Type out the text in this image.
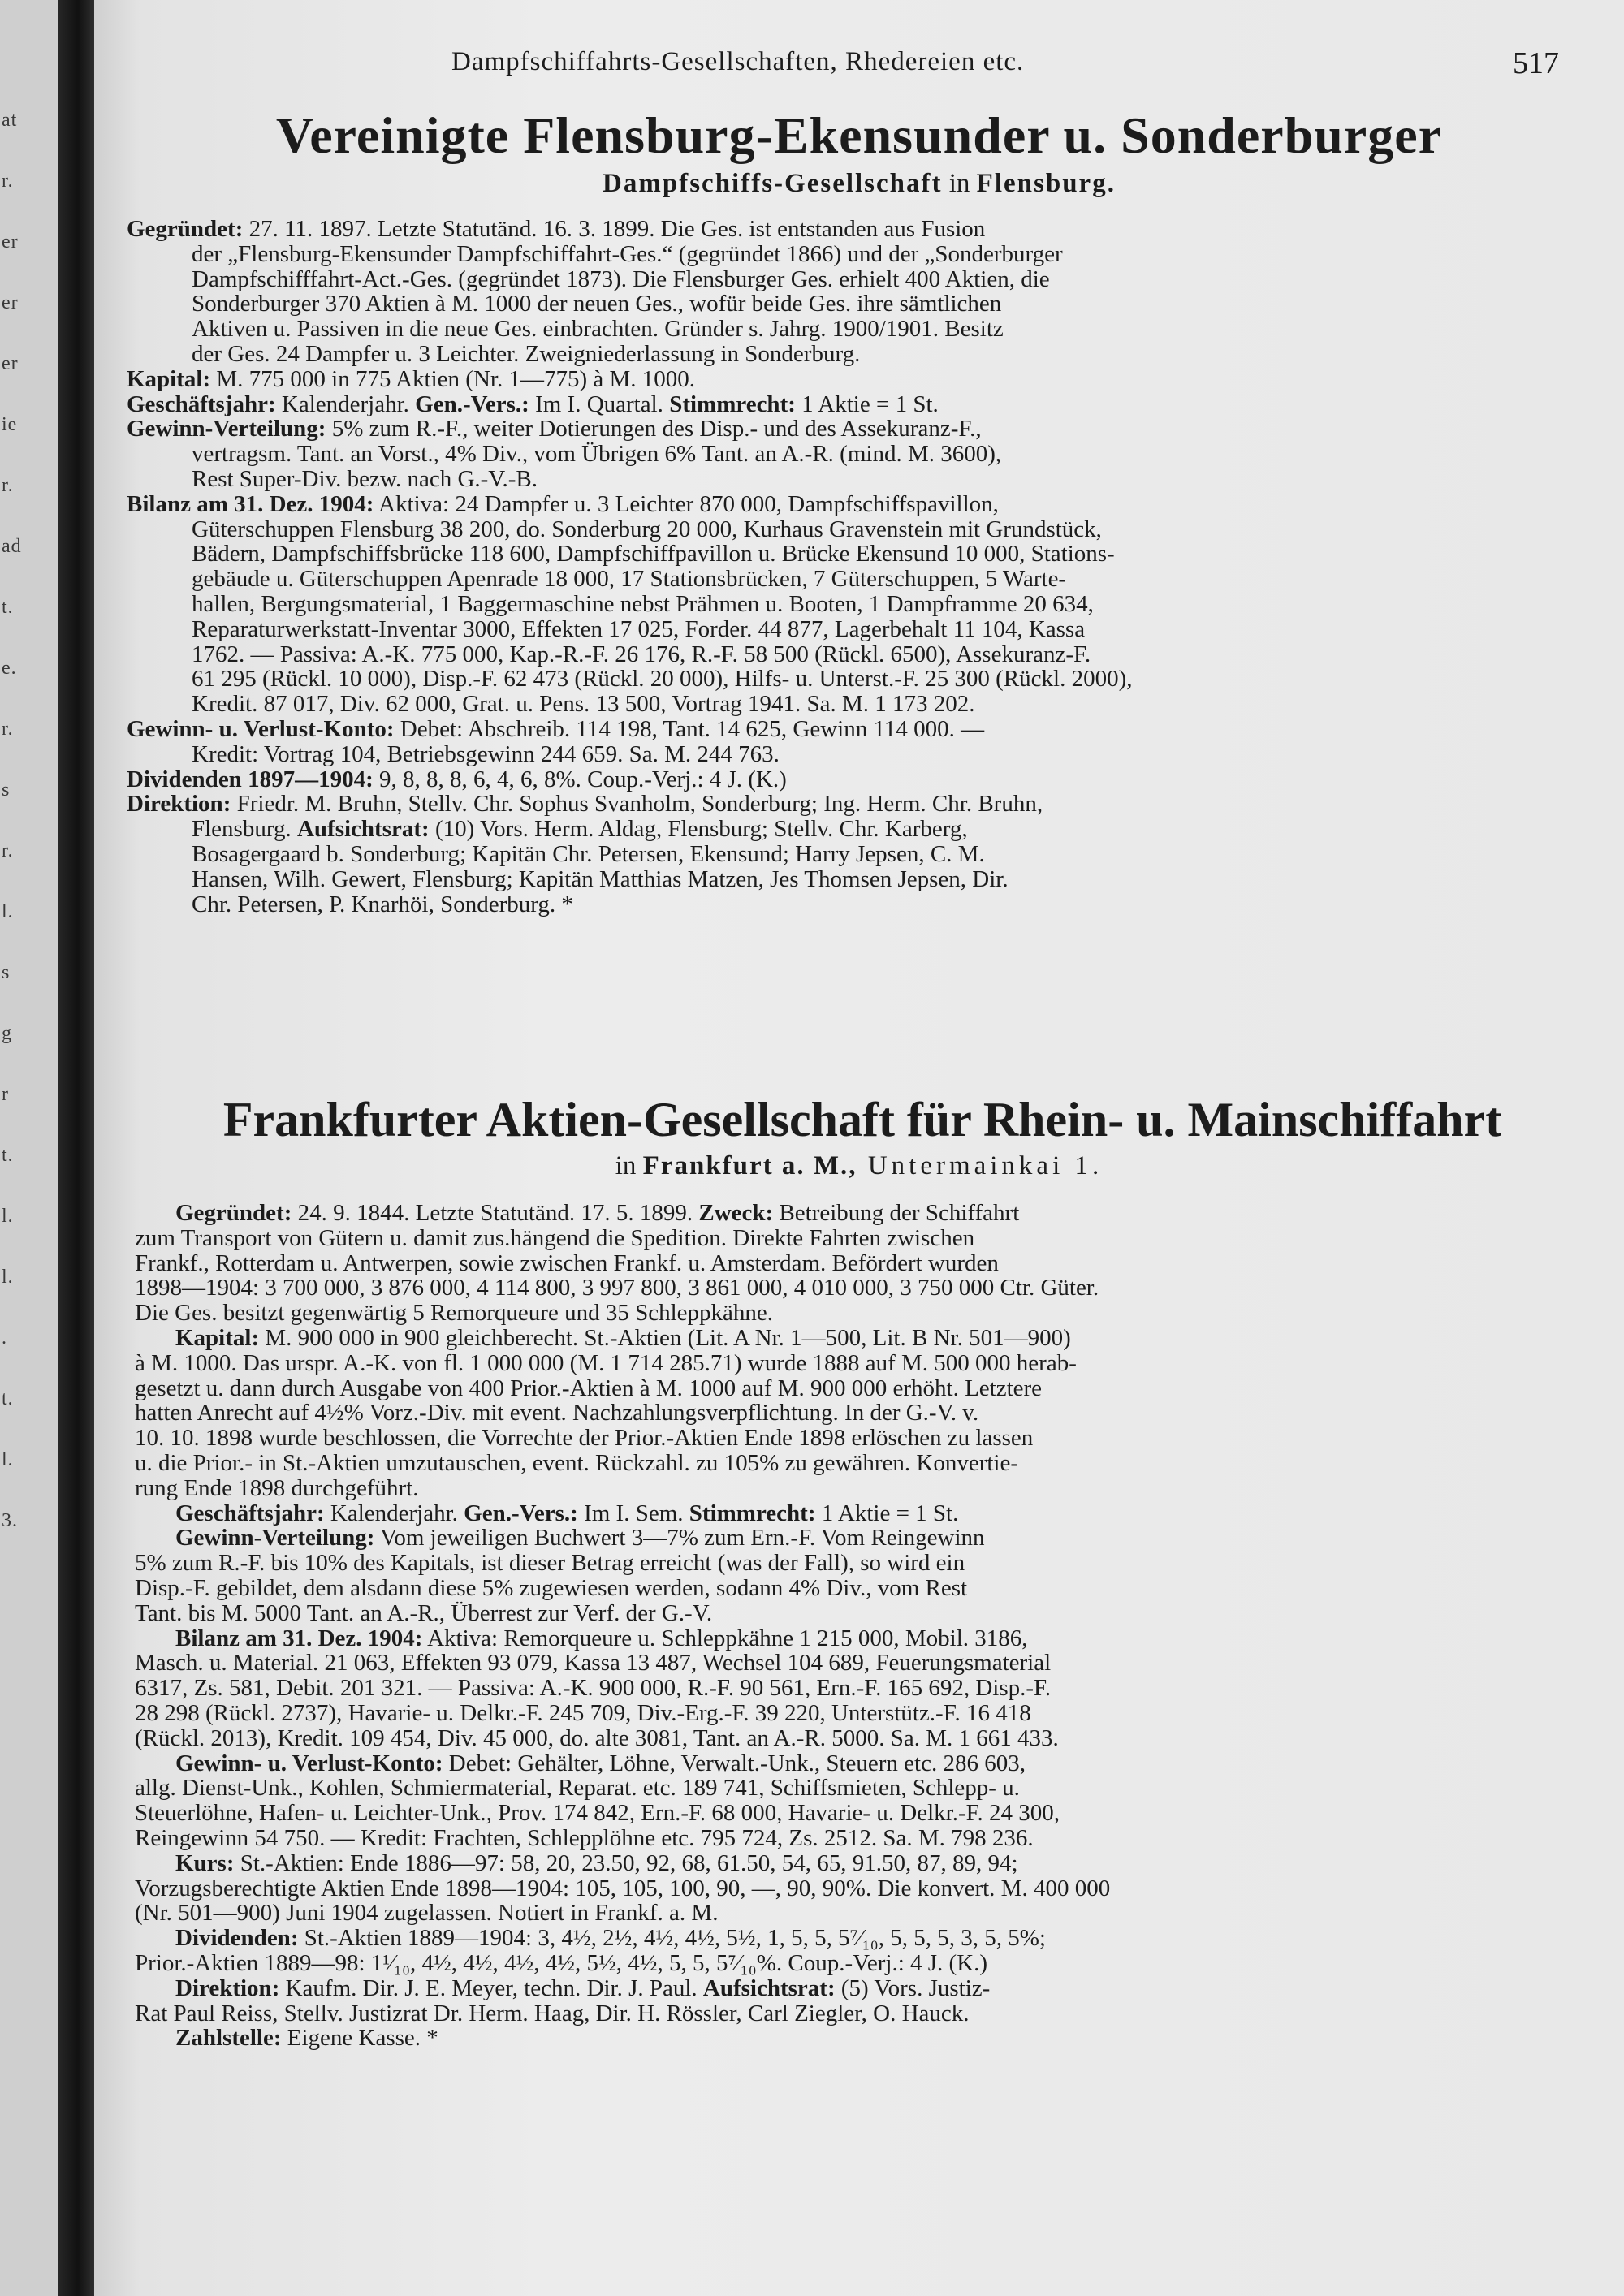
at
r.
er
er
er
ie
r.
ad
t.
e.
r.
s
r.
l.
s
g
r
t.
l.
l.
.
t.
l.
3.
Dampfschiffahrts-Gesellschaften, Rhedereien etc.	517
Vereinigte Flensburg-Ekensunder u. Sonderburger
Dampfschiffs-Gesellschaft in Flensburg.
Gegründet: 27. 11. 1897. Letzte Statutänd. 16. 3. 1899. Die Ges. ist entstanden aus Fusion
der „Flensburg-Ekensunder Dampfschiffahrt-Ges.“ (gegründet 1866) und der „Sonderburger
Dampfschifffahrt-Act.-Ges. (gegründet 1873). Die Flensburger Ges. erhielt 400 Aktien, die
Sonderburger 370 Aktien à M. 1000 der neuen Ges., wofür beide Ges. ihre sämtlichen
Aktiven u. Passiven in die neue Ges. einbrachten. Gründer s. Jahrg. 1900/1901. Besitz
der Ges. 24 Dampfer u. 3 Leichter. Zweigniederlassung in Sonderburg.
Kapital: M. 775 000 in 775 Aktien (Nr. 1—775) à M. 1000.
Geschäftsjahr: Kalenderjahr. Gen.-Vers.: Im I. Quartal. Stimmrecht: 1 Aktie = 1 St.
Gewinn-Verteilung: 5% zum R.-F., weiter Dotierungen des Disp.- und des Assekuranz-F.,
vertragsm. Tant. an Vorst., 4% Div., vom Übrigen 6% Tant. an A.-R. (mind. M. 3600),
Rest Super-Div. bezw. nach G.-V.-B.
Bilanz am 31. Dez. 1904: Aktiva: 24 Dampfer u. 3 Leichter 870 000, Dampfschiffspavillon,
Güterschuppen Flensburg 38 200, do. Sonderburg 20 000, Kurhaus Gravenstein mit Grundstück,
Bädern, Dampfschiffsbrücke 118 600, Dampfschiffpavillon u. Brücke Ekensund 10 000, Stations-
gebäude u. Güterschuppen Apenrade 18 000, 17 Stationsbrücken, 7 Güterschuppen, 5 Warte-
hallen, Bergungsmaterial, 1 Baggermaschine nebst Prähmen u. Booten, 1 Dampframme 20 634,
Reparaturwerkstatt-Inventar 3000, Effekten 17 025, Forder. 44 877, Lagerbehalt 11 104, Kassa
1762. — Passiva: A.-K. 775 000, Kap.-R.-F. 26 176, R.-F. 58 500 (Rückl. 6500), Assekuranz-F.
61 295 (Rückl. 10 000), Disp.-F. 62 473 (Rückl. 20 000), Hilfs- u. Unterst.-F. 25 300 (Rückl. 2000),
Kredit. 87 017, Div. 62 000, Grat. u. Pens. 13 500, Vortrag 1941. Sa. M. 1 173 202.
Gewinn- u. Verlust-Konto: Debet: Abschreib. 114 198, Tant. 14 625, Gewinn 114 000. —
Kredit: Vortrag 104, Betriebsgewinn 244 659. Sa. M. 244 763.
Dividenden 1897—1904: 9, 8, 8, 8, 6, 4, 6, 8%. Coup.-Verj.: 4 J. (K.)
Direktion: Friedr. M. Bruhn, Stellv. Chr. Sophus Svanholm, Sonderburg; Ing. Herm. Chr. Bruhn,
Flensburg. Aufsichtsrat: (10) Vors. Herm. Aldag, Flensburg; Stellv. Chr. Karberg,
Bosagergaard b. Sonderburg; Kapitän Chr. Petersen, Ekensund; Harry Jepsen, C. M.
Hansen, Wilh. Gewert, Flensburg; Kapitän Matthias Matzen, Jes Thomsen Jepsen, Dir.
Chr. Petersen, P. Knarhöi, Sonderburg. *
Frankfurter Aktien-Gesellschaft für Rhein- u. Mainschiffahrt
in Frankfurt a. M., Untermainkai 1.
Gegründet: 24. 9. 1844. Letzte Statutänd. 17. 5. 1899. Zweck: Betreibung der Schiffahrt
zum Transport von Gütern u. damit zus.hängend die Spedition. Direkte Fahrten zwischen
Frankf., Rotterdam u. Antwerpen, sowie zwischen Frankf. u. Amsterdam. Befördert wurden
1898—1904: 3 700 000, 3 876 000, 4 114 800, 3 997 800, 3 861 000, 4 010 000, 3 750 000 Ctr. Güter.
Die Ges. besitzt gegenwärtig 5 Remorqueure und 35 Schleppkähne.
Kapital: M. 900 000 in 900 gleichberecht. St.-Aktien (Lit. A Nr. 1—500, Lit. B Nr. 501—900)
à M. 1000. Das urspr. A.-K. von fl. 1 000 000 (M. 1 714 285.71) wurde 1888 auf M. 500 000 herab-
gesetzt u. dann durch Ausgabe von 400 Prior.-Aktien à M. 1000 auf M. 900 000 erhöht. Letztere
hatten Anrecht auf 4½% Vorz.-Div. mit event. Nachzahlungsverpflichtung. In der G.-V. v.
10. 10. 1898 wurde beschlossen, die Vorrechte der Prior.-Aktien Ende 1898 erlöschen zu lassen
u. die Prior.- in St.-Aktien umzutauschen, event. Rückzahl. zu 105% zu gewähren. Konvertie-
rung Ende 1898 durchgeführt.
Geschäftsjahr: Kalenderjahr. Gen.-Vers.: Im I. Sem. Stimmrecht: 1 Aktie = 1 St.
Gewinn-Verteilung: Vom jeweiligen Buchwert 3—7% zum Ern.-F. Vom Reingewinn
5% zum R.-F. bis 10% des Kapitals, ist dieser Betrag erreicht (was der Fall), so wird ein
Disp.-F. gebildet, dem alsdann diese 5% zugewiesen werden, sodann 4% Div., vom Rest
Tant. bis M. 5000 Tant. an A.-R., Überrest zur Verf. der G.-V.
Bilanz am 31. Dez. 1904: Aktiva: Remorqueure u. Schleppkähne 1 215 000, Mobil. 3186,
Masch. u. Material. 21 063, Effekten 93 079, Kassa 13 487, Wechsel 104 689, Feuerungsmaterial
6317, Zs. 581, Debit. 201 321. — Passiva: A.-K. 900 000, R.-F. 90 561, Ern.-F. 165 692, Disp.-F.
28 298 (Rückl. 2737), Havarie- u. Delkr.-F. 245 709, Div.-Erg.-F. 39 220, Unterstütz.-F. 16 418
(Rückl. 2013), Kredit. 109 454, Div. 45 000, do. alte 3081, Tant. an A.-R. 5000. Sa. M. 1 661 433.
Gewinn- u. Verlust-Konto: Debet: Gehälter, Löhne, Verwalt.-Unk., Steuern etc. 286 603,
allg. Dienst-Unk., Kohlen, Schmiermaterial, Reparat. etc. 189 741, Schiffsmieten, Schlepp- u.
Steuerlöhne, Hafen- u. Leichter-Unk., Prov. 174 842, Ern.-F. 68 000, Havarie- u. Delkr.-F. 24 300,
Reingewinn 54 750. — Kredit: Frachten, Schlepplöhne etc. 795 724, Zs. 2512. Sa. M. 798 236.
Kurs: St.-Aktien: Ende 1886—97: 58, 20, 23.50, 92, 68, 61.50, 54, 65, 91.50, 87, 89, 94;
Vorzugsberechtigte Aktien Ende 1898—1904: 105, 105, 100, 90, —, 90, 90%. Die konvert. M. 400 000
(Nr. 501—900) Juni 1904 zugelassen. Notiert in Frankf. a. M.
Dividenden: St.-Aktien 1889—1904: 3, 4½, 2½, 4½, 4½, 5½, 1, 5, 5, 5⁷⁄₁₀, 5, 5, 5, 3, 5, 5%;
Prior.-Aktien 1889—98: 1¹⁄₁₀, 4½, 4½, 4½, 4½, 5½, 4½, 5, 5, 5⁷⁄₁₀%. Coup.-Verj.: 4 J. (K.)
Direktion: Kaufm. Dir. J. E. Meyer, techn. Dir. J. Paul. Aufsichtsrat: (5) Vors. Justiz-
Rat Paul Reiss, Stellv. Justizrat Dr. Herm. Haag, Dir. H. Rössler, Carl Ziegler, O. Hauck.
Zahlstelle: Eigene Kasse. *
